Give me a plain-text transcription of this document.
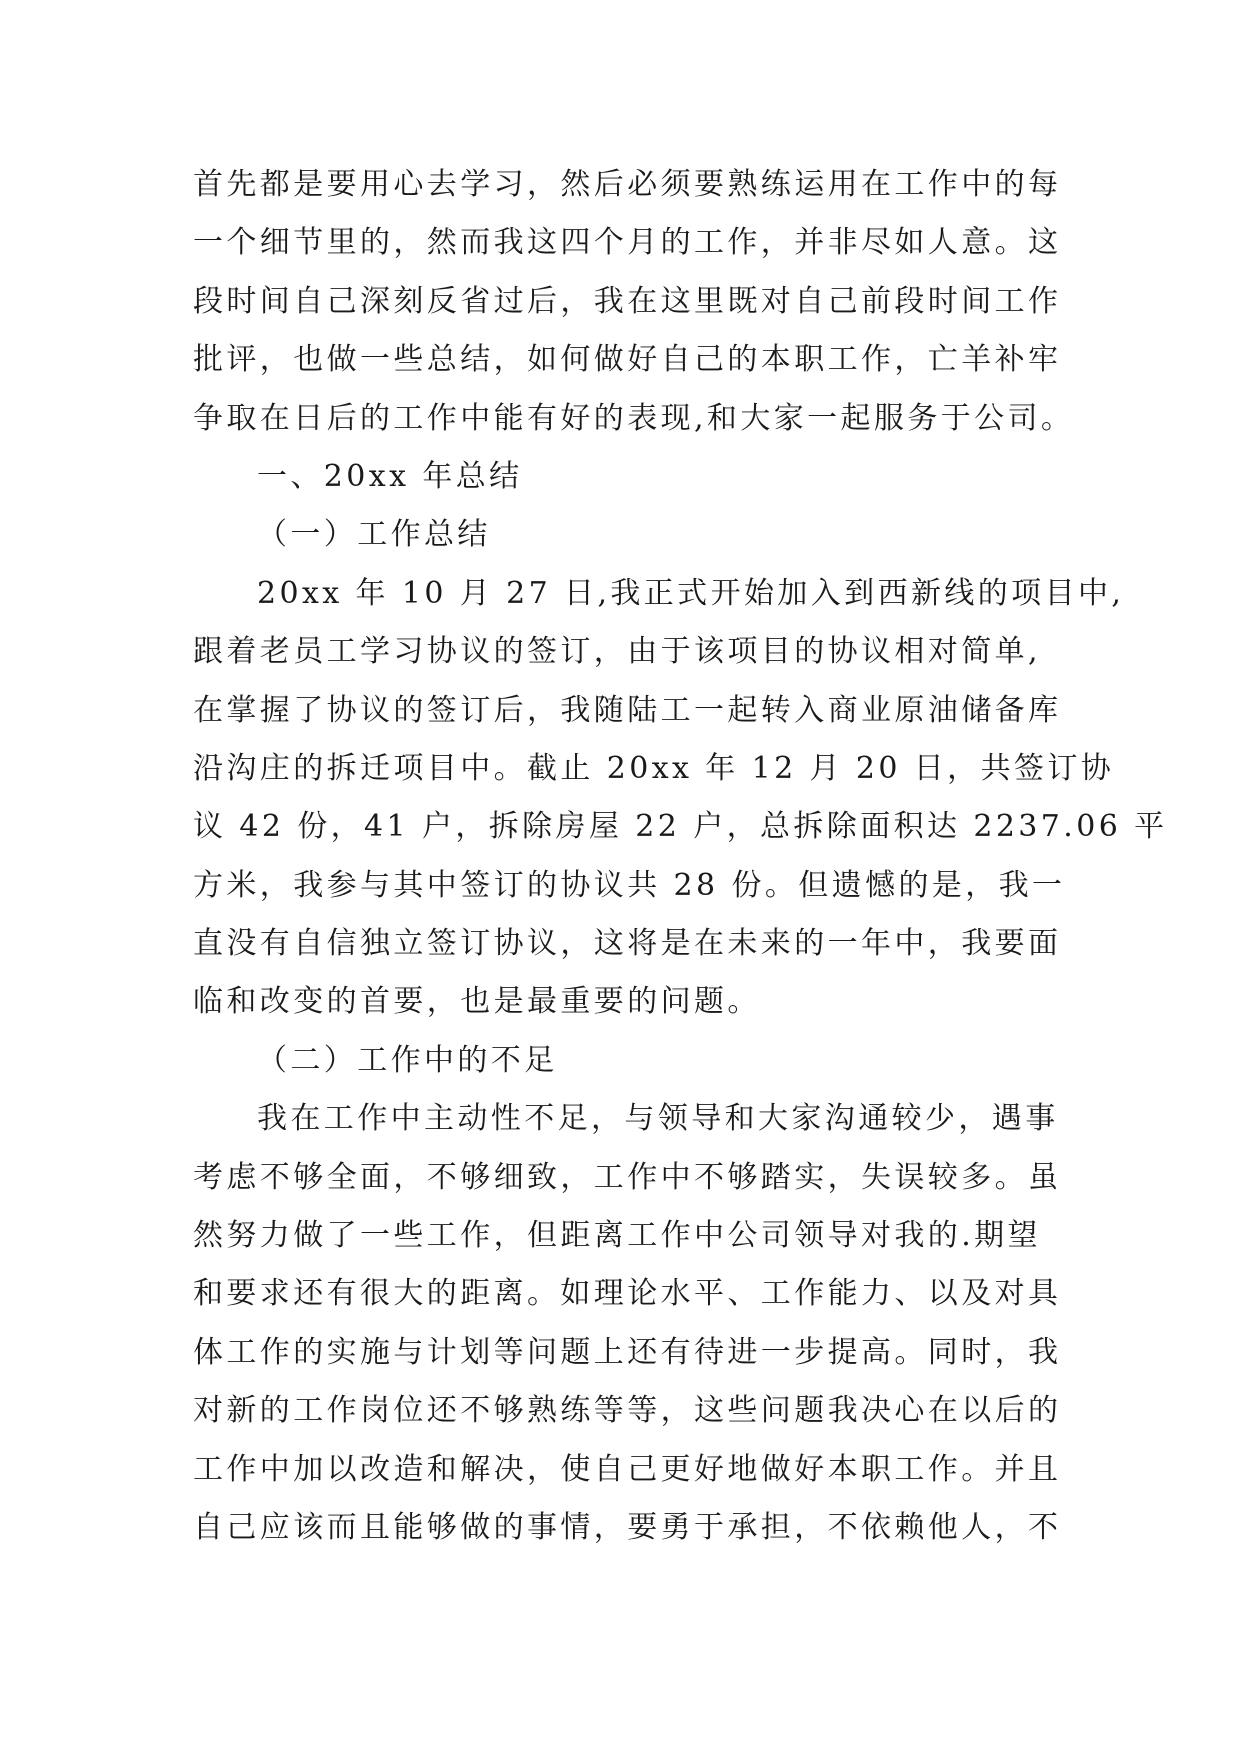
首先都是要用心去学习，然后必须要熟练运用在工作中的每
一个细节里的，然而我这四个月的工作，并非尽如人意。这
段时间自己深刻反省过后，我在这里既对自己前段时间工作
批评，也做一些总结，如何做好自己的本职工作，亡羊补牢
争取在日后的工作中能有好的表现,和大家一起服务于公司。
一、20xx 年总结
（一）工作总结
20xx 年 10 月 27 日,我正式开始加入到西新线的项目中,
跟着老员工学习协议的签订，由于该项目的协议相对简单,
在掌握了协议的签订后，我随陆工一起转入商业原油储备库
沿沟庄的拆迁项目中。截止 20xx 年 12 月 20 日，共签订协
议 42 份，41 户，拆除房屋 22 户，总拆除面积达 2237.06 平
方米，我参与其中签订的协议共 28 份。但遗憾的是，我一
直没有自信独立签订协议，这将是在未来的一年中，我要面
临和改变的首要，也是最重要的问题。
（二）工作中的不足
我在工作中主动性不足，与领导和大家沟通较少，遇事
考虑不够全面，不够细致，工作中不够踏实，失误较多。虽
然努力做了一些工作，但距离工作中公司领导对我的.期望
和要求还有很大的距离。如理论水平、工作能力、以及对具
体工作的实施与计划等问题上还有待进一步提高。同时，我
对新的工作岗位还不够熟练等等，这些问题我决心在以后的
工作中加以改造和解决，使自己更好地做好本职工作。并且
自己应该而且能够做的事情，要勇于承担，不依赖他人，不
